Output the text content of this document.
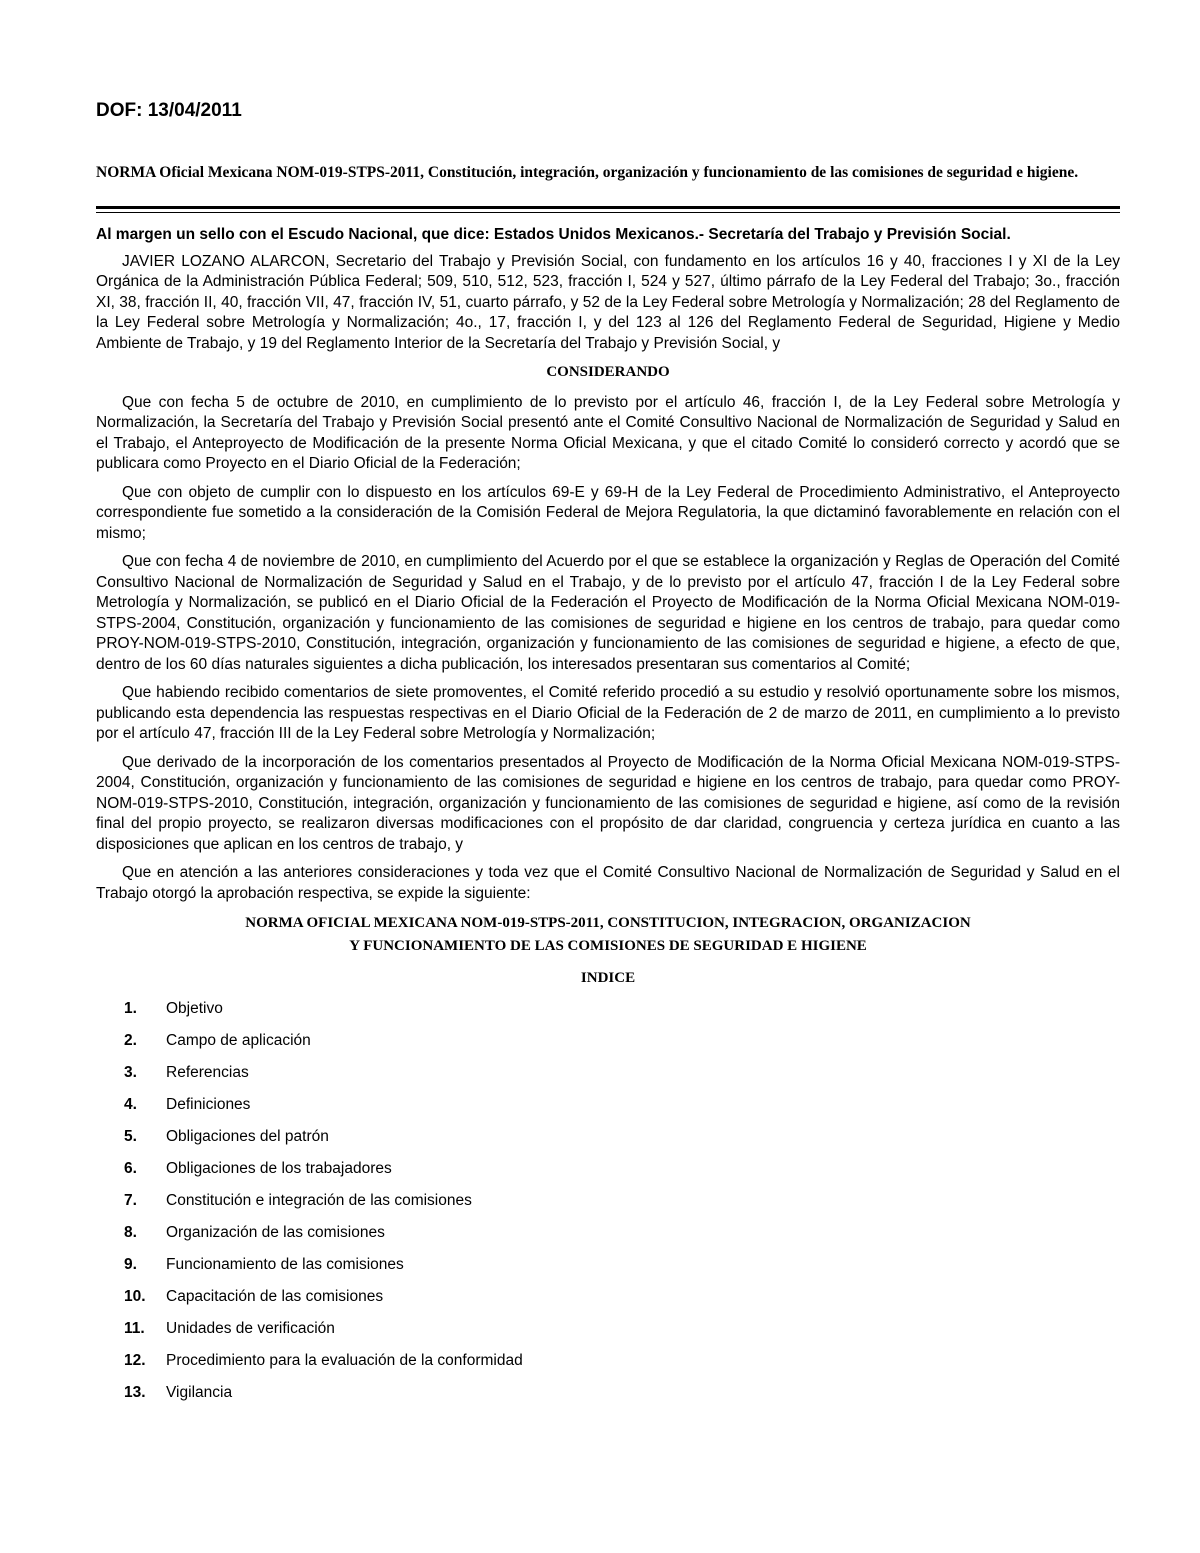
DOF: 13/04/2011
NORMA Oficial Mexicana NOM-019-STPS-2011, Constitución, integración, organización y funcionamiento de las comisiones de seguridad e higiene.

Al margen un sello con el Escudo Nacional, que dice: Estados Unidos Mexicanos.- Secretaría del Trabajo y Previsión Social.

JAVIER LOZANO ALARCON, Secretario del Trabajo y Previsión Social, con fundamento en los artículos 16 y 40, fracciones I y XI de la Ley Orgánica de la Administración Pública Federal; 509, 510, 512, 523, fracción I, 524 y 527, último párrafo de la Ley Federal del Trabajo; 3o., fracción XI, 38, fracción II, 40, fracción VII, 47, fracción IV, 51, cuarto párrafo, y 52 de la Ley Federal sobre Metrología y Normalización; 28 del Reglamento de la Ley Federal sobre Metrología y Normalización; 4o., 17, fracción I, y del 123 al 126 del Reglamento Federal de Seguridad, Higiene y Medio Ambiente de Trabajo, y 19 del Reglamento Interior de la Secretaría del Trabajo y Previsión Social, y

CONSIDERANDO

Que con fecha 5 de octubre de 2010, en cumplimiento de lo previsto por el artículo 46, fracción I, de la Ley Federal sobre Metrología y Normalización, la Secretaría del Trabajo y Previsión Social presentó ante el Comité Consultivo Nacional de Normalización de Seguridad y Salud en el Trabajo, el Anteproyecto de Modificación de la presente Norma Oficial Mexicana, y que el citado Comité lo consideró correcto y acordó que se publicara como Proyecto en el Diario Oficial de la Federación;

Que con objeto de cumplir con lo dispuesto en los artículos 69-E y 69-H de la Ley Federal de Procedimiento Administrativo, el Anteproyecto correspondiente fue sometido a la consideración de la Comisión Federal de Mejora Regulatoria, la que dictaminó favorablemente en relación con el mismo;

Que con fecha 4 de noviembre de 2010, en cumplimiento del Acuerdo por el que se establece la organización y Reglas de Operación del Comité Consultivo Nacional de Normalización de Seguridad y Salud en el Trabajo, y de lo previsto por el artículo 47, fracción I de la Ley Federal sobre Metrología y Normalización, se publicó en el Diario Oficial de la Federación el Proyecto de Modificación de la Norma Oficial Mexicana NOM-019-STPS-2004, Constitución, organización y funcionamiento de las comisiones de seguridad e higiene en los centros de trabajo, para quedar como PROY-NOM-019-STPS-2010, Constitución, integración, organización y funcionamiento de las comisiones de seguridad e higiene, a efecto de que, dentro de los 60 días naturales siguientes a dicha publicación, los interesados presentaran sus comentarios al Comité;

Que habiendo recibido comentarios de siete promoventes, el Comité referido procedió a su estudio y resolvió oportunamente sobre los mismos, publicando esta dependencia las respuestas respectivas en el Diario Oficial de la Federación de 2 de marzo de 2011, en cumplimiento a lo previsto por el artículo 47, fracción III de la Ley Federal sobre Metrología y Normalización;

Que derivado de la incorporación de los comentarios presentados al Proyecto de Modificación de la Norma Oficial Mexicana NOM-019-STPS-2004, Constitución, organización y funcionamiento de las comisiones de seguridad e higiene en los centros de trabajo, para quedar como PROY-NOM-019-STPS-2010, Constitución, integración, organización y funcionamiento de las comisiones de seguridad e higiene, así como de la revisión final del propio proyecto, se realizaron diversas modificaciones con el propósito de dar claridad, congruencia y certeza jurídica en cuanto a las disposiciones que aplican en los centros de trabajo, y

Que en atención a las anteriores consideraciones y toda vez que el Comité Consultivo Nacional de Normalización de Seguridad y Salud en el Trabajo otorgó la aprobación respectiva, se expide la siguiente:

NORMA OFICIAL MEXICANA NOM-019-STPS-2011, CONSTITUCION, INTEGRACION, ORGANIZACION
Y FUNCIONAMIENTO DE LAS COMISIONES DE SEGURIDAD E HIGIENE
INDICE
1.	Objetivo
2.	Campo de aplicación
3.	Referencias
4.	Definiciones
5.	Obligaciones del patrón
6.	Obligaciones de los trabajadores
7.	Constitución e integración de las comisiones
8.	Organización de las comisiones
9.	Funcionamiento de las comisiones
10.	Capacitación de las comisiones
11.	Unidades de verificación
12.	Procedimiento para la evaluación de la conformidad
13.	Vigilancia
